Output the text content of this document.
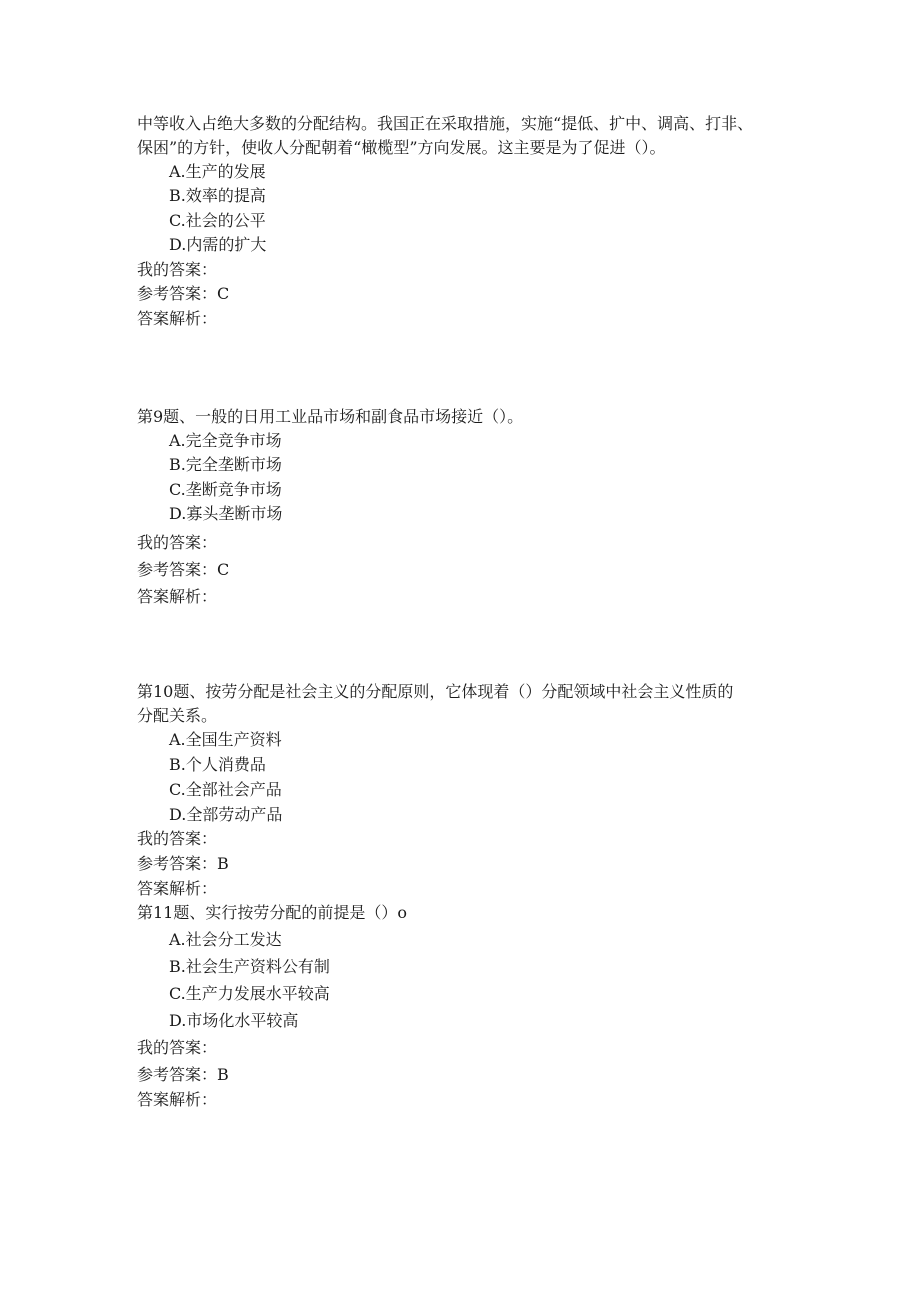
中等收入占绝大多数的分配结构。我国正在采取措施，实施“提低、扩中、调高、打非、
保困”的方针，使收人分配朝着“橄榄型”方向发展。这主要是为了促进（）。
A.生产的发展
B.效率的提高
C.社会的公平
D.内需的扩大
我的答案：
参考答案：C
答案解析：
第9题、一般的日用工业品市场和副食品市场接近（）。
A.完全竞争市场
B.完全垄断市场
C.垄断竞争市场
D.寡头垄断市场
我的答案：
参考答案：C
答案解析：
第10题、按劳分配是社会主义的分配原则，它体现着（）分配领域中社会主义性质的
分配关系。
A.全国生产资料
B.个人消费品
C.全部社会产品
D.全部劳动产品
我的答案：
参考答案：B
答案解析：
第11题、实行按劳分配的前提是（）o
A.社会分工发达
B.社会生产资料公有制
C.生产力发展水平较高
D.市场化水平较高
我的答案：
参考答案：B
答案解析：
